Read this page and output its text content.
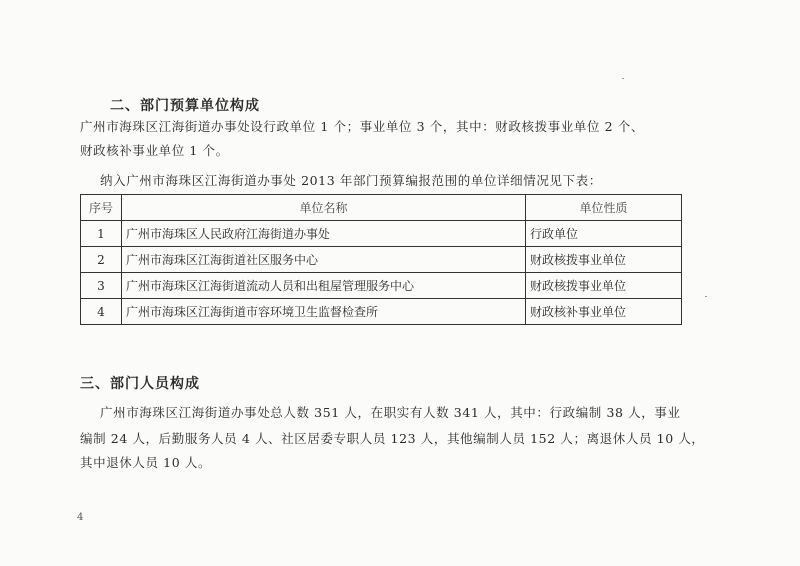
二、部门预算单位构成
广州市海珠区江海街道办事处设行政单位 1 个；事业单位 3 个，其中：财政核拨事业单位 2 个、
财政核补事业单位 1 个。
纳入广州市海珠区江海街道办事处 2013 年部门预算编报范围的单位详细情况见下表：
序号	单位名称	单位性质
1	广州市海珠区人民政府江海街道办事处	行政单位
2	广州市海珠区江海街道社区服务中心	财政核拨事业单位
3	广州市海珠区江海街道流动人员和出租屋管理服务中心	财政核拨事业单位
4	广州市海珠区江海街道市容环境卫生监督检查所	财政核补事业单位
三、部门人员构成
广州市海珠区江海街道办事处总人数 351 人，在职实有人数 341 人，其中：行政编制 38 人，事业
编制 24 人，后勤服务人员 4 人、社区居委专职人员 123 人，其他编制人员 152 人；离退休人员 10 人，
其中退休人员 10 人。
4
